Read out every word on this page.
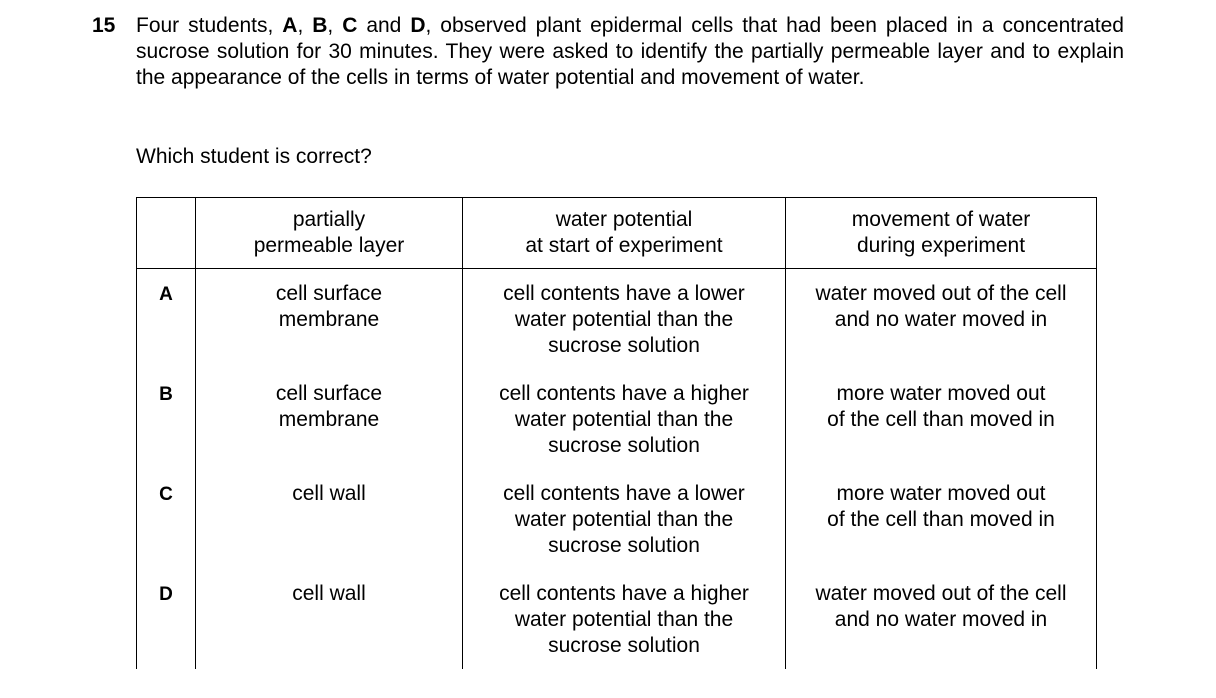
15 Four students, A, B, C and D, observed plant epidermal cells that had been placed in a concentrated sucrose solution for 30 minutes. They were asked to identify the partially permeable layer and to explain the appearance of the cells in terms of water potential and movement of water.
Which student is correct?

	partially
permeable layer	water potential
at start of experiment	movement of water
during experiment

A	cell surface
membrane	cell contents have a lower
water potential than the
sucrose solution	water moved out of the cell
and no water moved in

B	cell surface
membrane	cell contents have a higher
water potential than the
sucrose solution	more water moved out
of the cell than moved in

C	cell wall	cell contents have a lower
water potential than the
sucrose solution	more water moved out
of the cell than moved in

D	cell wall	cell contents have a higher
water potential than the
sucrose solution	water moved out of the cell
and no water moved in
